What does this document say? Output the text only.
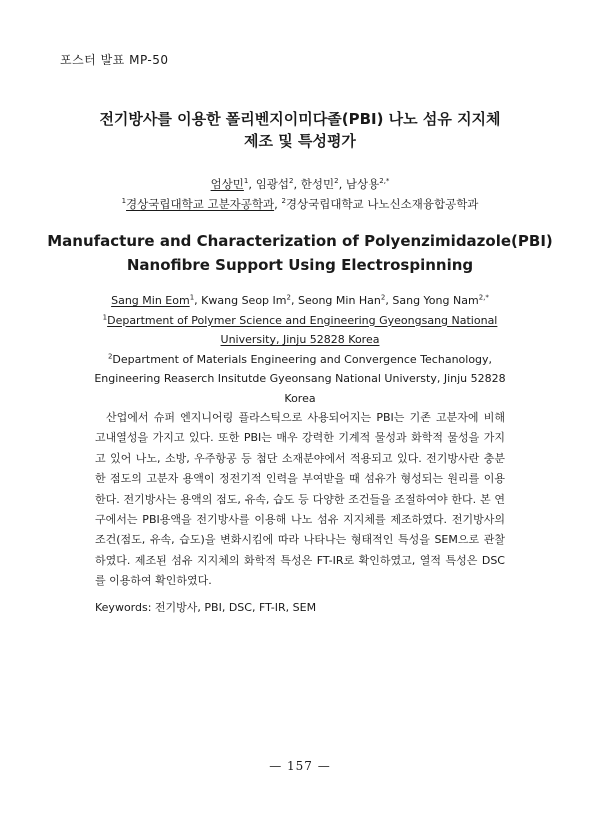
포스터 발표 MP-50
전기방사를 이용한 폴리벤지이미다졸(PBI) 나노 섬유 지지체
제조 및 특성평가
엄상민$^1$, 임광섭$^2$, 한성민$^2$, 남상용$^{2,*}$
$^1$경상국립대학교 고분자공학과, $^2$경상국립대학교 나노신소재융합공학과
Manufacture and Characterization of Polyenzimidazole(PBI)
Nanofibre Support Using Electrospinning
Sang Min Eom$^1$, Kwang Seop Im$^2$, Seong Min Han$^2$, Sang Yong Nam$^{2,*}$
$^1$Department of Polymer Science and Engineering Gyeongsang National
University, Jinju 52828 Korea
$^2$Department of Materials Engineering and Convergence Techanology,
Engineering Reaserch Insitutde Gyeonsang National Universty, Jinju 52828
Korea
산업에서 슈퍼 엔지니어링 플라스틱으로 사용되어지는 PBI는 기존 고분자에 비해 고내열성을 가지고 있다. 또한 PBI는 매우 강력한 기계적 물성과 화학적 물성을 가지고 있어 나노, 소방, 우주항공 등 첨단 소재분야에서 적용되고 있다. 전기방사란 충분한 점도의 고분자 용액이 정전기적 인력을 부여받을 때 섬유가 형성되는 원리를 이용한다. 전기방사는 용액의 점도, 유속, 습도 등 다양한 조건들을 조절하여야 한다. 본 연구에서는 PBI용액을 전기방사를 이용해 나노 섬유 지지체를 제조하였다. 전기방사의 조건(점도, 유속, 습도)을 변화시킴에 따라 나타나는 형태적인 특성을 SEM으로 관찰하였다. 제조된 섬유 지지체의 화학적 특성은 FT-IR로 확인하였고, 열적 특성은 DSC를 이용하여 확인하였다.
Keywords: 전기방사, PBI, DSC, FT-IR, SEM
— 157 —
